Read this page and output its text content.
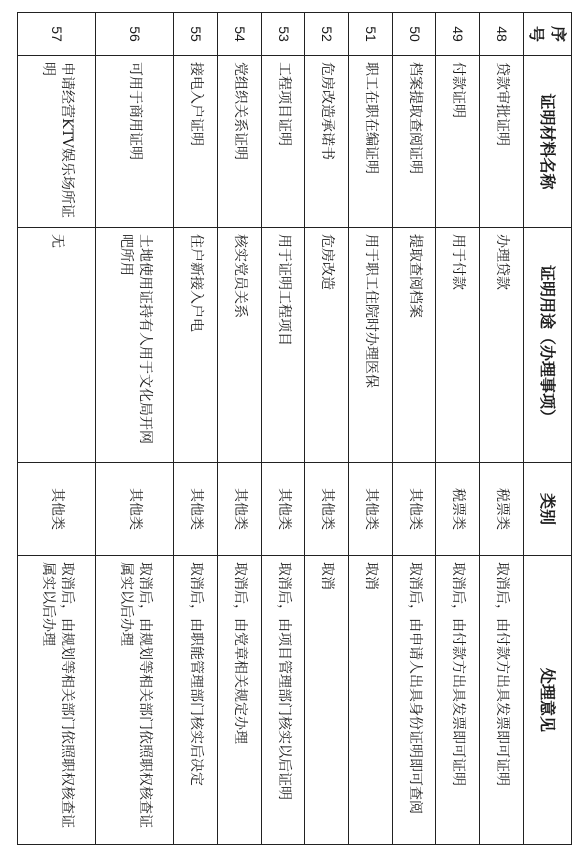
序号	证明材料名称	证明用途（办理事项）	类别	处理意见
48	贷款审批证明	办理贷款	税票类	取消后，由付款方出具发票即可证明
49	付款证明	用于付款	税票类	取消后，由付款方出具发票即可证明
50	档案提取查阅证明	提取查阅档案	其他类	取消后，由申请人出具身份证明即可查阅
51	职工在职在编证明	用于职工住院时办理医保	其他类	取消
52	危房改造承诺书	危房改造	其他类	取消
53	工程项目证明	用于证明工程项目	其他类	取消后，由项目管理部门核实以后证明
54	党组织关系证明	核实党员关系	其他类	取消后，由党章相关规定办理
55	接电入户证明	住户新接入户电	其他类	取消后，由职能管理部门核实后决定
56	可用于商用证明	土地使用证持有人用于文化局开网吧所用	其他类	取消后，由规划等相关部门依照职权核查证属实以后办理
57	申请经营KTV娱乐场所证明	无	其他类	取消后，由规划等相关部门依照职权核查证属实以后办理
